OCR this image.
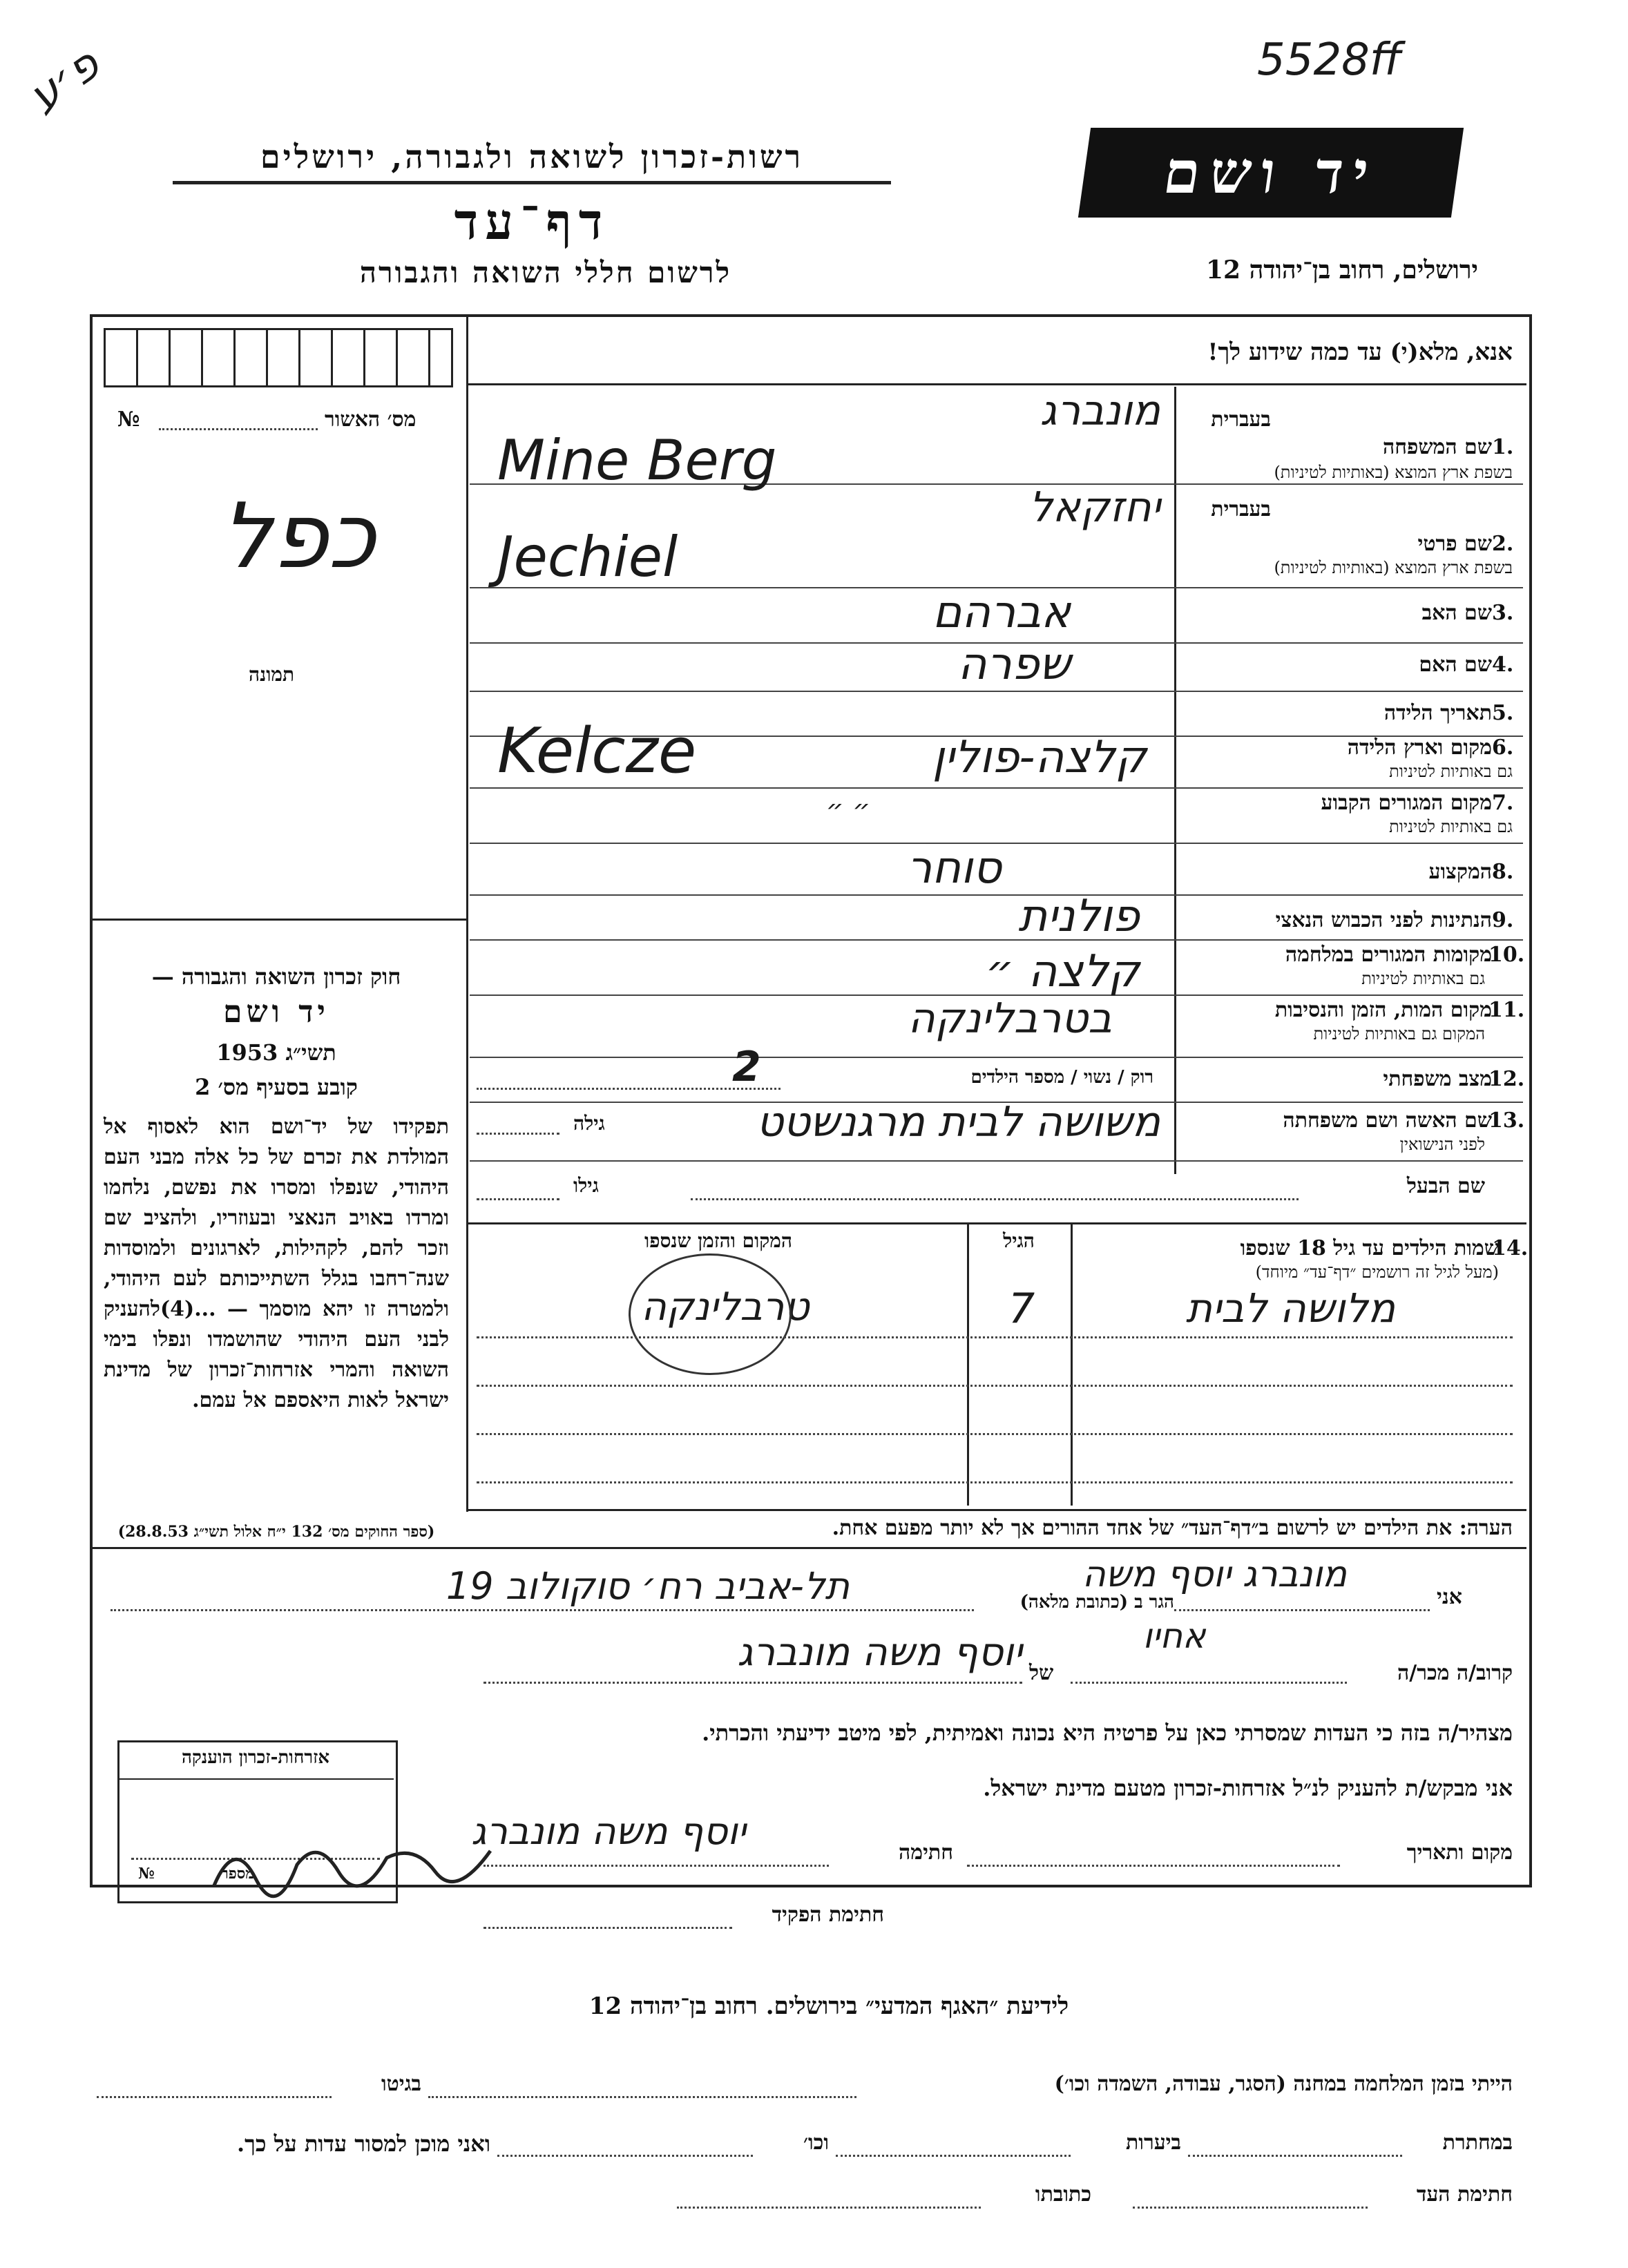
פ׳ע	5528ff
רשות-זכרון לשואה ולגבורה, ירושלים
דף־עד
לרשום חללי השואה והגבורה
יד ושם
ירושלים, רחוב בן־יהודה 12
מס׳ האשור
№
כפל
תמונה
חוק זכרון השואה והגבורה —
יד ושם
תשי״ג 1953
קובע בסעיף מס׳ 2
תפקידו של יד־ושם הוא לאסוף אל המולדת את זכרם של כל אלה מבני העם היהודי, שנפלו ומסרו את נפשם, נלחמו ומרדו באויב הנאצי ובעוזריו, ולהציב שם וזכר להם, לקהילות, לארגונים ולמוסדות שנה־רחבו בגלל השתייכותם לעם היהודי, ולמטרה זו יהא מוסמך — ...(4)להעניק לבני העם היהודי שהושמדו ונפלו בימי השואה והמרי אזרחות־זכרון של מדינת ישראל לאות היאספם אל עמם.
(ספר החוקים מס׳ 132 י״ח אלול תשי״ג 28.8.53)
אנא, מלא(י) עד כמה שידוע לך!
בעברית
שם המשפחה 1.
בשפת ארץ המוצא (באותיות לטיניות)
מונברג
Mine Berg
בעברית
שם פרטי 2.
בשפת ארץ המוצא (באותיות לטיניות)
יחזקאל
Jechiel
שם האב 3.
אברהם
שם האם 4.
שפרה
תאריך הלידה 5.
מקום וארץ הלידה 6.
גם באותיות לטיניות
קלצה-פולין
Kelcze
מקום המגורים הקבוע 7.
גם באותיות לטיניות
״ ״
המקצוע 8.
סוחר
הנתינות לפני הכבוש הנאצי 9.
פולנית
מקומות המגורים במלחמה
10.
גם באותיות לטיניות
קלצה ״
מקום המות, הזמן והנסיבות
11.
המקום גם באותיות לטיניות
בטרבלינקה
מצב משפחתי
12.
רוק / נשוי / מספר הילדים
2
שם האשה ושם משפחתה
13.
לפני הנישואין
משושה לבית מרגנשטט
גילה
שם הבעל
גילו
שמות הילדים עד גיל 18 שנספו
14.
(מעל לגיל זה רושמים ״דף־עד״ מיוחד)
הגיל
המקום והזמן שנספו
מלושה לבית
7
טרבלינקה
הערה: את הילדים יש לרשום ב״דף־העד״ של אחד ההורים אך לא יותר מפעם אחת.
מונברג יוסף משה
אני
הגר ב (כתובת מלאה)
תל-אביב רח׳ סוקולוב 19
קרוב/ה מכר/ה
אחיו
של
יוסף משה מונברג
מצהיר/ה בזה כי העדות שמסרתי כאן על פרטיה היא נכונה ואמיתית, לפי מיטב ידיעתי והכרתי.
אני מבקש/ת להעניק לנ״ל אזרחות-זכרון מטעם מדינת ישראל.
מקום ותאריך
חתימה
יוסף משה מונברג
חתימת הפקיד
אזרחות-זכרון הוענקה
מספר
№
לידיעת ״האגף המדעי״ בירושלים. רחוב בן־יהודה 12
הייתי בזמן המלחמה במחנה (הסגר, עבודה, השמדה וכו׳)
בגיטו
במחתרת
ביערות
וכו׳
ואני מוכן למסור עדות על כך.
חתימת העד
כתובתו
